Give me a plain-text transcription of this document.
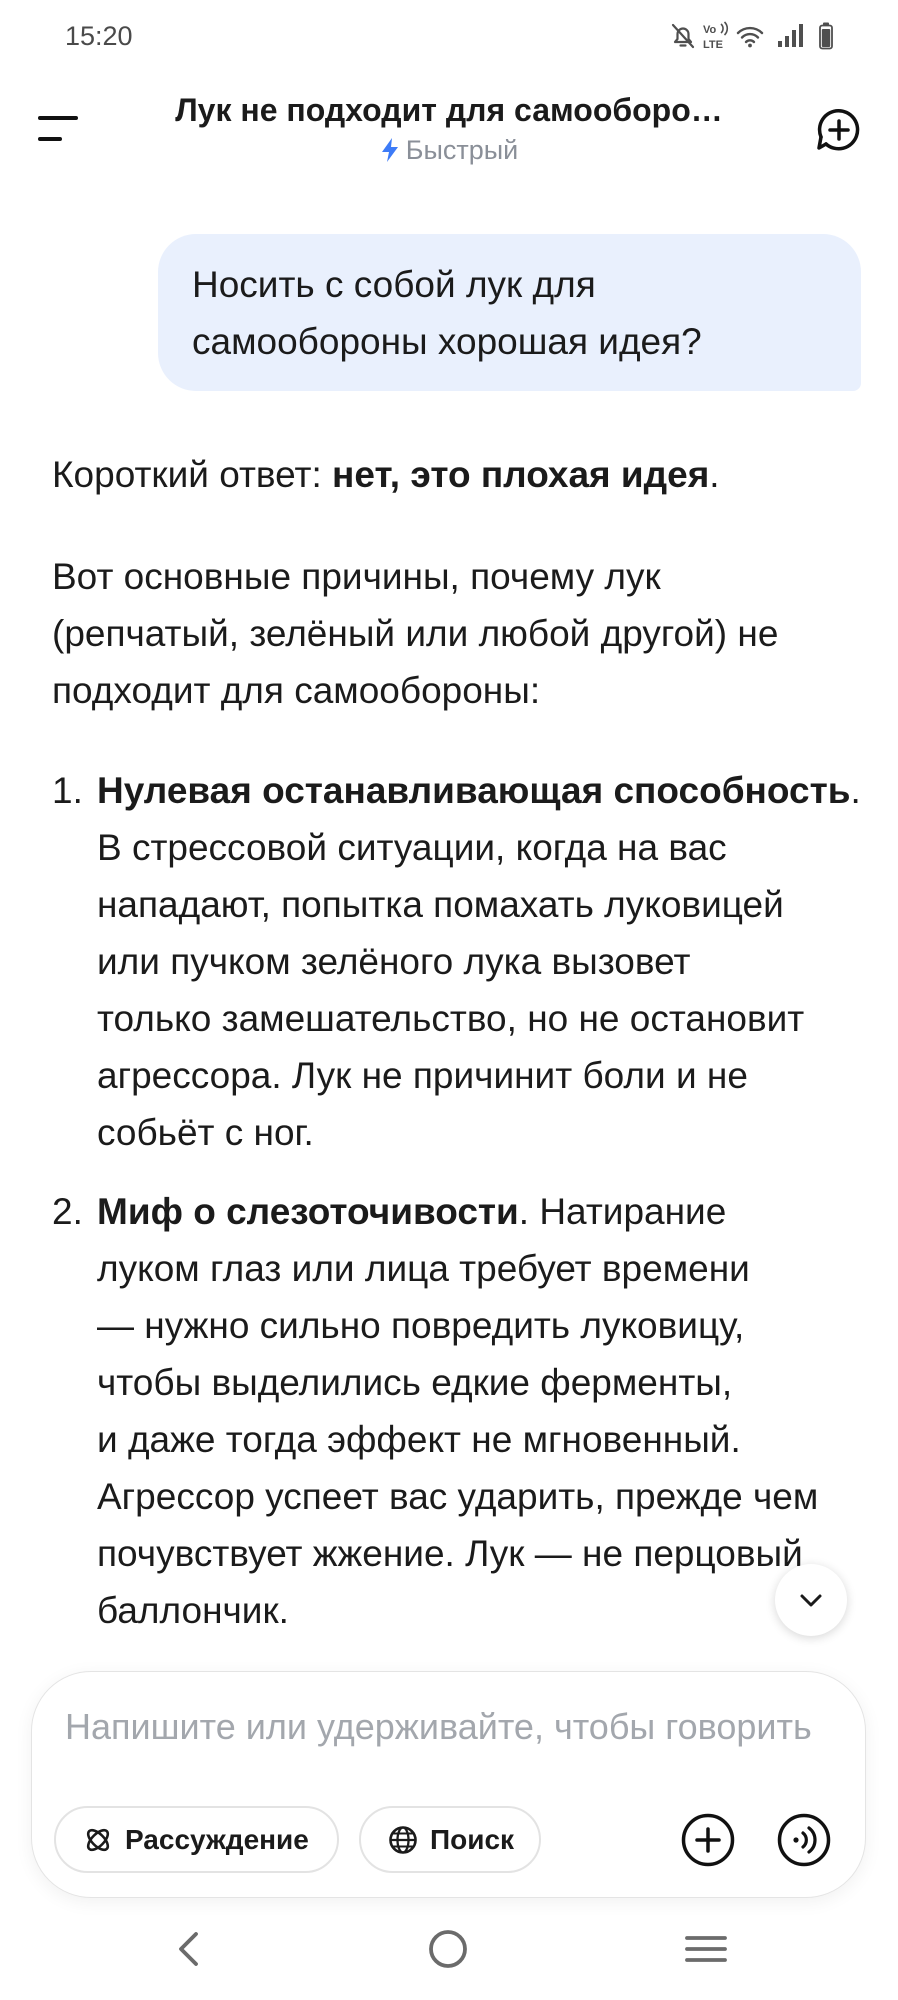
15:20	Vo
LTE
Лук не подходит для самооборо…
Быстрый
Носить с собой лук для самообороны хорошая идея?
Короткий ответ: нет, это плохая идея.
Вот основные причины, почему лук
(репчатый, зелёный или любой другой) не
подходит для самообороны:
1. Нулевая останавливающая способность.
В стрессовой ситуации, когда на вас
нападают, попытка помахать луковицей
или пучком зелёного лука вызовет
только замешательство, но не остановит
агрессора. Лук не причинит боли и не
собьёт с ног.
2. Миф о слезоточивости. Натирание
луком глаз или лица требует времени
— нужно сильно повредить луковицу,
чтобы выделились едкие ферменты,
и даже тогда эффект не мгновенный.
Агрессор успеет вас ударить, прежде чем
почувствует жжение. Лук — не перцовый
баллончик.
Напишите или удерживайте, чтобы говорить
Рассуждение	Поиск
